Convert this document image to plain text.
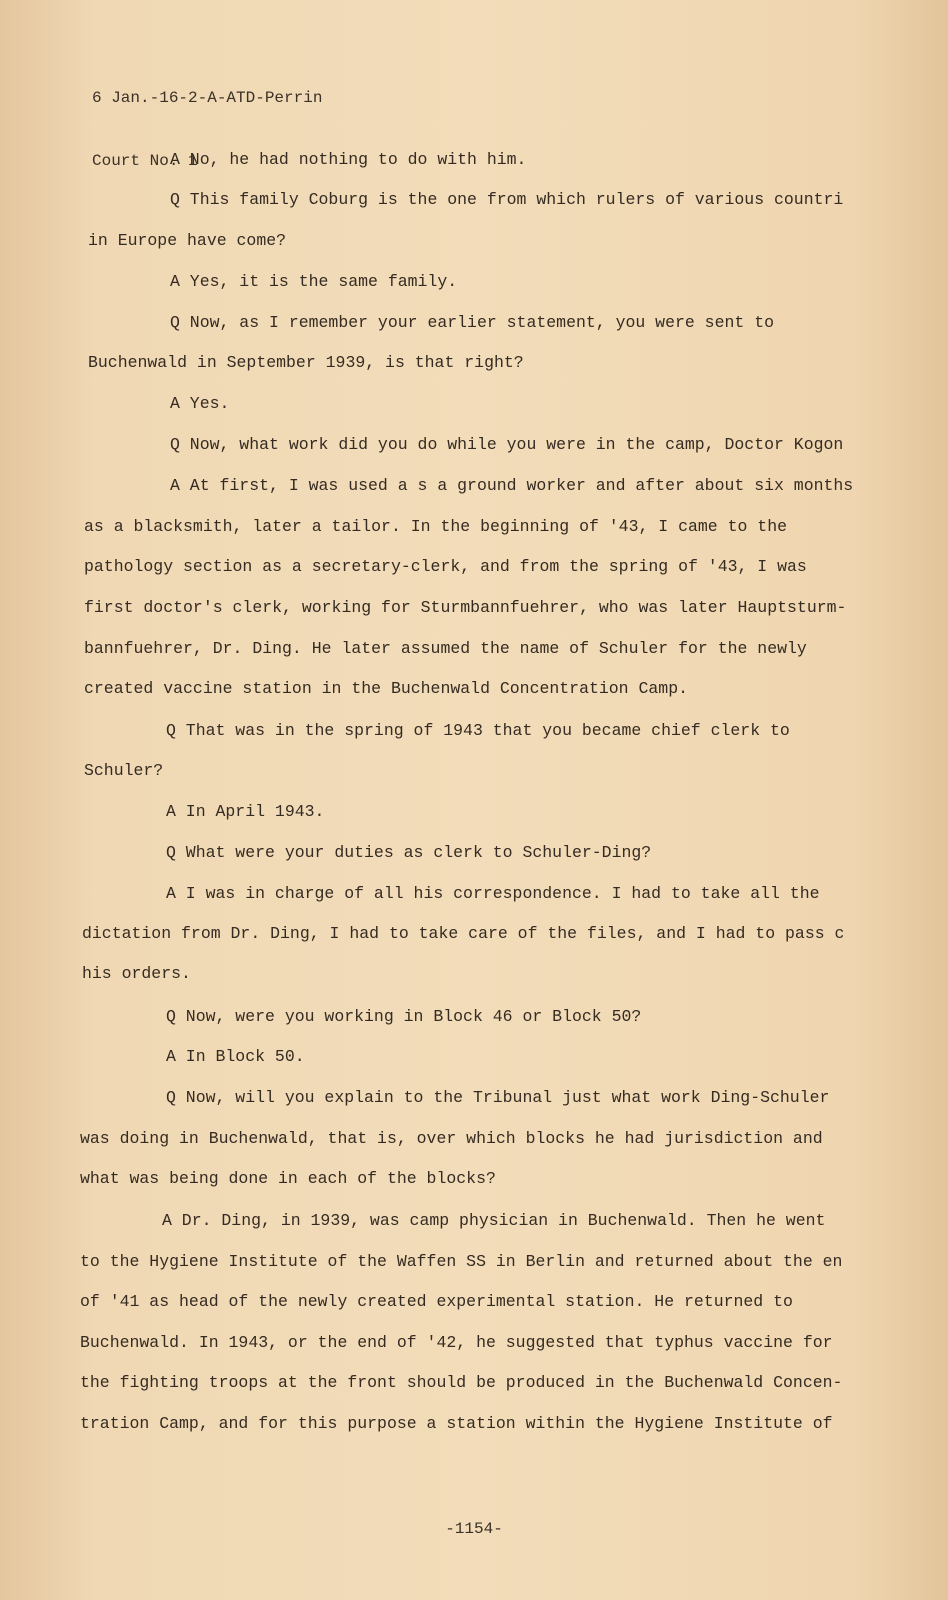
6 Jan.-16-2-A-ATD-Perrin

Court No. 1

A No, he had nothing to do with him.
Q This family Coburg is the one from which rulers of various countri
in Europe have come?
A Yes, it is the same family.
Q Now, as I remember your earlier statement, you were sent to
Buchenwald in September 1939, is that right?
A Yes.
Q Now, what work did you do while you were in the camp, Doctor Kogon
A At first, I was used a s a ground worker and after about six months
as a blacksmith, later a tailor. In the beginning of '43, I came to the
pathology section as a secretary-clerk, and from the spring of '43, I was
first doctor's clerk, working for Sturmbannfuehrer, who was later Hauptsturm-
bannfuehrer, Dr. Ding. He later assumed the name of Schuler for the newly
created vaccine station in the Buchenwald Concentration Camp.
Q That was in the spring of 1943 that you became chief clerk to
Schuler?
A In April 1943.
Q What were your duties as clerk to Schuler-Ding?
A I was in charge of all his correspondence. I had to take all the
dictation from Dr. Ding, I had to take care of the files, and I had to pass c
his orders.
Q Now, were you working in Block 46 or Block 50?
A In Block 50.
Q Now, will you explain to the Tribunal just what work Ding-Schuler
was doing in Buchenwald, that is, over which blocks he had jurisdiction and
what was being done in each of the blocks?
A Dr. Ding, in 1939, was camp physician in Buchenwald. Then he went
to the Hygiene Institute of the Waffen SS in Berlin and returned about the en
of '41 as head of the newly created experimental station. He returned to
Buchenwald. In 1943, or the end of '42, he suggested that typhus vaccine for
the fighting troops at the front should be produced in the Buchenwald Concen-
tration Camp, and for this purpose a station within the Hygiene Institute of
-1154-
